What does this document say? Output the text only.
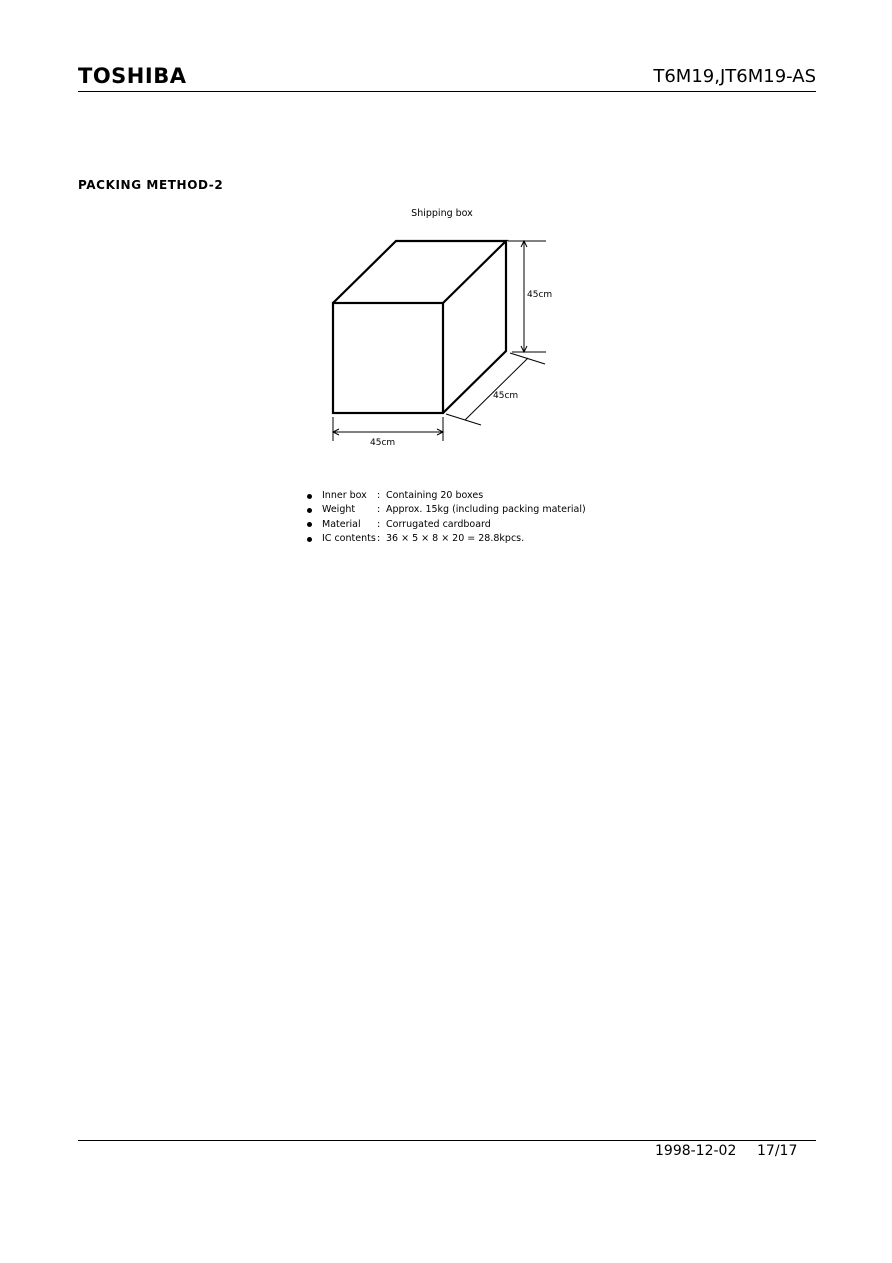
TOSHIBA	T6M19,JT6M19-AS
PACKING METHOD-2
Shipping box
45cm
45cm
45cm
Inner box	: Containing 20 boxes
Weight	: Approx. 15kg (including packing material)
Material	: Corrugated cardboard
IC contents : 36 × 5 × 8 × 20 = 28.8kpcs.
1998-12-02 17/17
